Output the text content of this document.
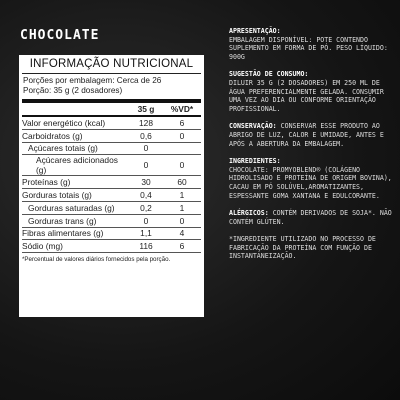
CHOCOLATE
INFORMAÇÃO NUTRICIONAL
Porções por embalagem: Cerca de 26
Porção: 35 g (2 dosadores)
	35 g	%VD*
Valor energético (kcal)	128	6
Carboidratos (g)	0,6	0
Açúcares totais (g)	0	
Açúcares adicionados (g)	0	0
Proteínas (g)	30	60
Gorduras totais (g)	0,4	1
Gorduras saturadas (g)	0,2	1
Gorduras trans (g)	0	0
Fibras alimentares (g)	1,1	4
Sódio (mg)	116	6
*Percentual de valores diários fornecidos pela porção.
APRESENTAÇÃO:
EMBALAGEM DISPONÍVEL: POTE CONTENDO SUPLEMENTO EM FORMA DE PÓ. PESO LÍQUIDO: 900G
SUGESTÃO DE CONSUMO:
DILUIR 35 G (2 DOSADORES) EM 250 ML DE ÁGUA PREFERENCIALMENTE GELADA. CONSUMIR UMA VEZ AO DIA OU CONFORME ORIENTAÇÃO PROFISSIONAL.
CONSERVAÇÃO: CONSERVAR ESSE PRODUTO AO ABRIGO DE LUZ, CALOR E UMIDADE, ANTES E APÓS A ABERTURA DA EMBALAGEM.
INGREDIENTES:
CHOCOLATE: PROMYOBLEND® (COLÁGENO HIDROLISADO E PROTEÍNA DE ORIGEM BOVINA), CACAU EM PÓ SOLÚVEL,AROMATIZANTES, ESPESSANTE GOMA XANTANA E EDULCORANTE.
ALÉRGICOS: CONTÉM DERIVADOS DE SOJA*. NÃO CONTÉM GLÚTEN.
*INGREDIENTE UTILIZADO NO PROCESSO DE FABRICAÇÃO DA PROTEÍNA COM FUNÇÃO DE INSTANTANEIZAÇÃO.
